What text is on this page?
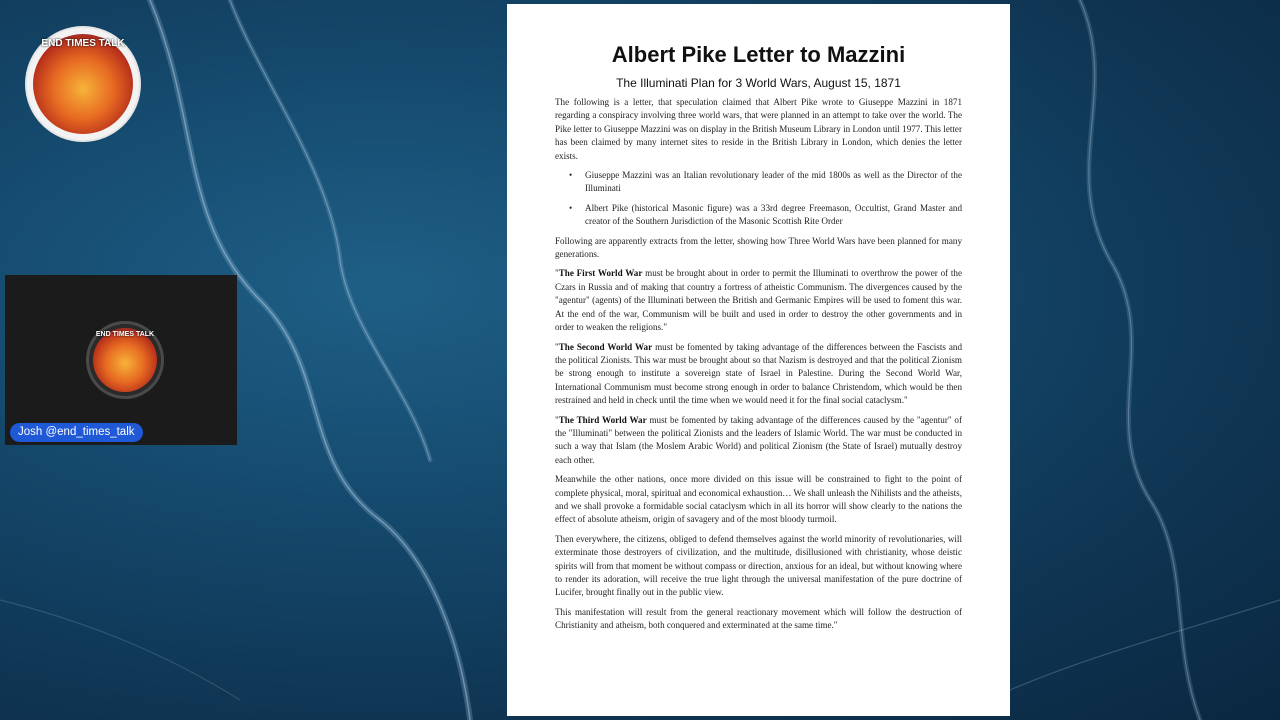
END TIMES TALK
END TIMES TALK
Josh @end_times_talk
Albert Pike Letter to Mazzini
The Illuminati Plan for 3 World Wars, August 15, 1871

The following is a letter, that speculation claimed that Albert Pike wrote to Giuseppe Mazzini in 1871 regarding a conspiracy involving three world wars, that were planned in an attempt to take over the world. The Pike letter to Giuseppe Mazzini was on display in the British Museum Library in London until 1977. This letter has been claimed by many internet sites to reside in the British Library in London, which denies the letter exists.

• Giuseppe Mazzini was an Italian revolutionary leader of the mid 1800s as well as the Director of the Illuminati
• Albert Pike (historical Masonic figure) was a 33rd degree Freemason, Occultist, Grand Master and creator of the Southern Jurisdiction of the Masonic Scottish Rite Order

Following are apparently extracts from the letter, showing how Three World Wars have been planned for many generations.

"The First World War must be brought about in order to permit the Illuminati to overthrow the power of the Czars in Russia and of making that country a fortress of atheistic Communism. The divergences caused by the "agentur" (agents) of the Illuminati between the British and Germanic Empires will be used to foment this war. At the end of the war, Communism will be built and used in order to destroy the other governments and in order to weaken the religions."

"The Second World War must be fomented by taking advantage of the differences between the Fascists and the political Zionists. This war must be brought about so that Nazism is destroyed and that the political Zionism be strong enough to institute a sovereign state of Israel in Palestine. During the Second World War, International Communism must become strong enough in order to balance Christendom, which would be then restrained and held in check until the time when we would need it for the final social cataclysm."

"The Third World War must be fomented by taking advantage of the differences caused by the "agentur" of the "Illuminati" between the political Zionists and the leaders of Islamic World. The war must be conducted in such a way that Islam (the Moslem Arabic World) and political Zionism (the State of Israel) mutually destroy each other.

Meanwhile the other nations, once more divided on this issue will be constrained to fight to the point of complete physical, moral, spiritual and economical exhaustion… We shall unleash the Nihilists and the atheists, and we shall provoke a formidable social cataclysm which in all its horror will show clearly to the nations the effect of absolute atheism, origin of savagery and of the most bloody turmoil.

Then everywhere, the citizens, obliged to defend themselves against the world minority of revolutionaries, will exterminate those destroyers of civilization, and the multitude, disillusioned with christianity, whose deistic spirits will from that moment be without compass or direction, anxious for an ideal, but without knowing where to render its adoration, will receive the true light through the universal manifestation of the pure doctrine of Lucifer, brought finally out in the public view.

This manifestation will result from the general reactionary movement which will follow the destruction of Christianity and atheism, both conquered and exterminated at the same time."
